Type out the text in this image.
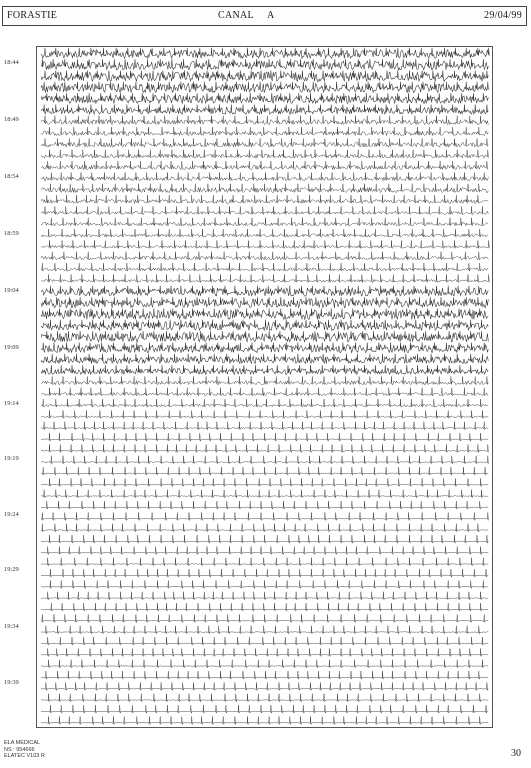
FORASTIE	CANAL A	29/04/99
18:44
18:49
18:54
18:59
19:04
19:09
19:14
19:19
19:24
19:29
19:34
19:39
ELA MEDICAL
NS : 954666
ELATEC V103 R	30
